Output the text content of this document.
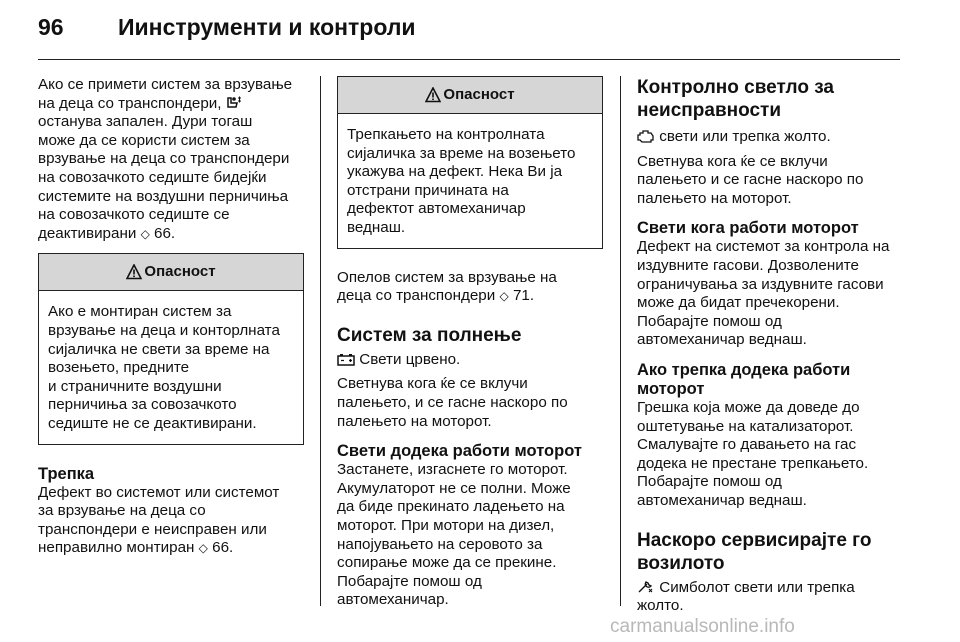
96 Иинструменти и контроли

Ако се примети систем за врзување
на деца со транспондери,
останува запален. Дури тогаш
може да се користи систем за
врзување на деца со транспондери
на совозачкото седиште бидејќи
системите на воздушни перничиња
на совозачкото седиште се
деактивирани ◇ 66.

Опасност
Ако е монтиран систем за
врзување на деца и конторлната
сијаличка не свети за време на
возењето, предните
и страничните воздушни
перничиња за совозачкото
седиште не се деактивирани.
Трепка

Дефект во системот или системот
за врзување на деца со
транспондери е неисправен или
неправилно монтиран ◇ 66.

Опасност
Трепкањето на контролната
сијаличка за време на возењето
укажува на дефект. Нека Ви ја
отстрани причината на
дефектот автомеханичар
веднаш.

Опелов систем за врзување на
деца со транспондери ◇ 71.

Систем за полнење

Свети црвено.

Светнува кога ќе се вклучи
палењето, и се гасне наскоро по
палењето на моторот.

Свети додека работи моторот

Застанете, изгаснете го моторот.
Акумулаторот не се полни. Може
да биде прекинато ладењето на
моторот. При мотори на дизел,
напојувањето на серовото за
сопирање може да се прекине.
Побарајте помош од
автомеханичар.

Контролно светло за
неисправности

свети или трепка жолто.

Светнува кога ќе се вклучи
палењето и се гасне наскоро по
палењето на моторот.

Свети кога работи моторот

Дефект на системот за контрола на
издувните гасови. Дозволените
ограничувања за издувните гасови
може да бидат пречекорени.
Побарајте помош од
автомеханичар веднаш.

Ако трепка додека работи
моторот

Грешка која може да доведе до
оштетување на катализаторот.
Смалувајте го давањето на гас
додека не престане трепкањето.
Побарајте помош од
автомеханичар веднаш.

Наскоро сервисирајте го
возилото

Симболот свети или трепка
жолто.

carmanualsonline.info
